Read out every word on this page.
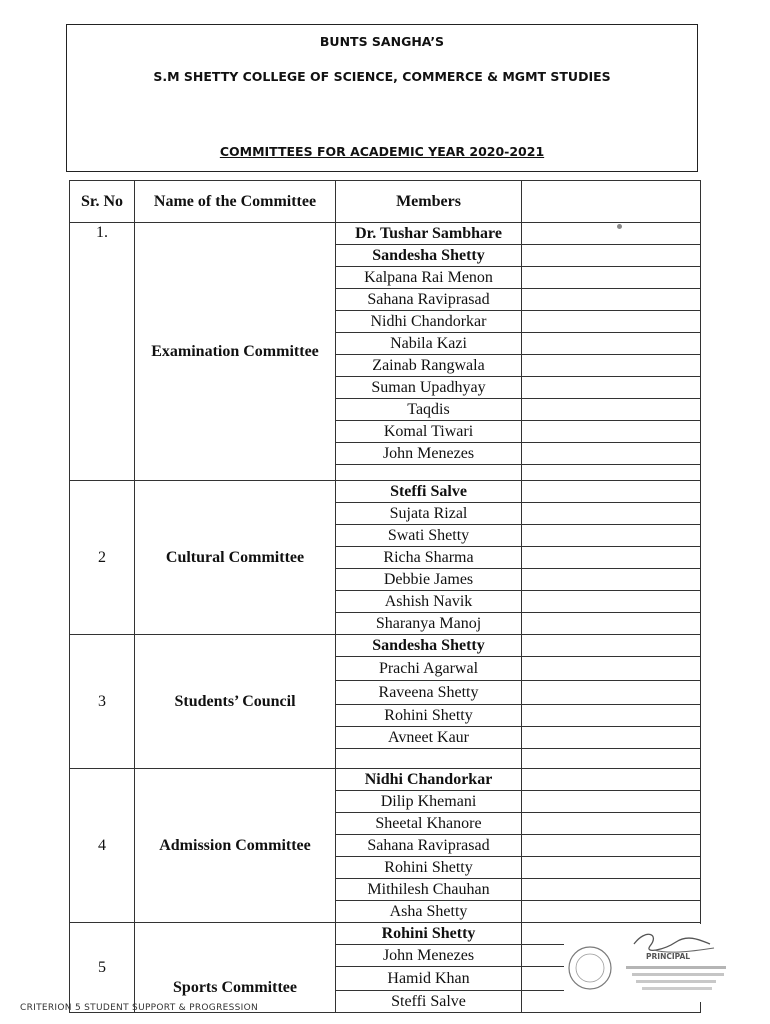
BUNTS SANGHA’S
S.M SHETTY COLLEGE OF SCIENCE, COMMERCE & MGMT STUDIES
COMMITTEES FOR ACADEMIC YEAR 2020-2021
Sr. No	Name of the Committee	Members	
1.	Examination Committee	Dr. Tushar Sambhare	
		Sandesha Shetty	
		Kalpana Rai Menon	
		Sahana Raviprasad	
		Nidhi Chandorkar	
		Nabila Kazi	
		Zainab Rangwala	
		Suman Upadhyay	
		Taqdis	
		Komal Tiwari	
		John Menezes	

2	Cultural Committee	Steffi Salve	
		Sujata Rizal	
		Swati Shetty	
		Richa Sharma	
		Debbie James	
		Ashish Navik	
		Sharanya Manoj	
3	Students’ Council	Sandesha Shetty	
		Prachi Agarwal	
		Raveena Shetty	
		Rohini Shetty	
		Avneet Kaur	

4	Admission Committee	Nidhi Chandorkar	
		Dilip Khemani	
		Sheetal Khanore	
		Sahana Raviprasad	
		Rohini Shetty	
		Mithilesh Chauhan	
		Asha Shetty	
5	Sports Committee	Rohini Shetty	
		John Menezes	
		Hamid Khan	
		Steffi Salve	
PRINCIPAL
CRITERION 5 STUDENT SUPPORT & PROGRESSION
